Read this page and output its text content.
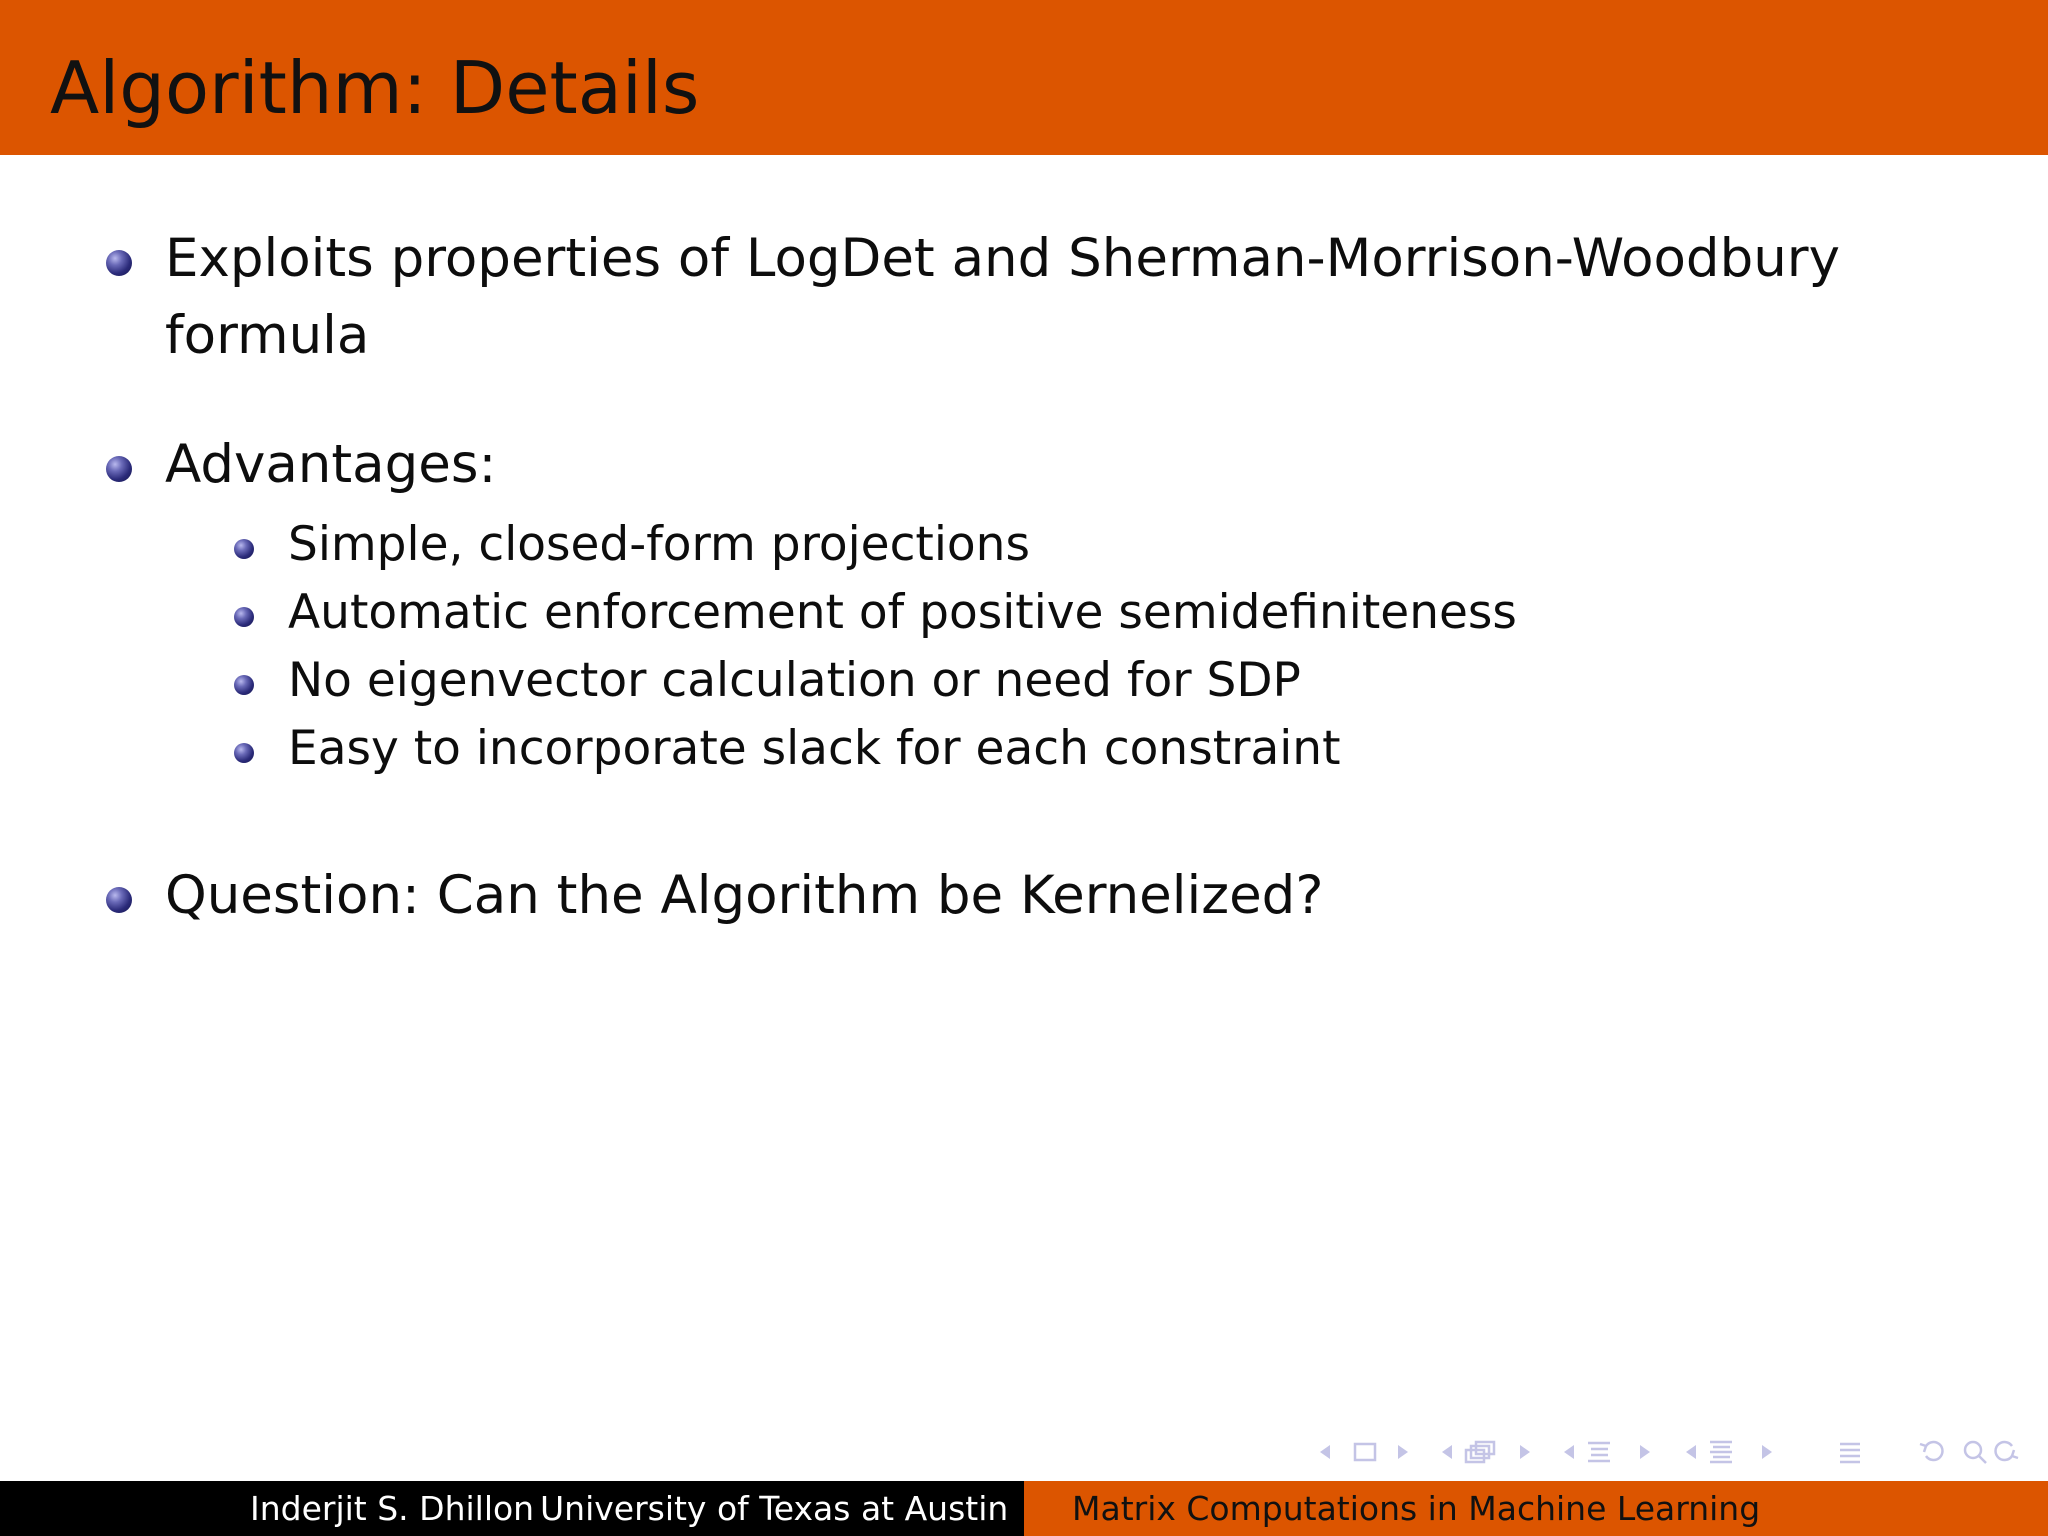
Algorithm: Details
Exploits properties of LogDet and Sherman-Morrison-Woodbury
formula
Advantages:
Simple, closed-form projections
Automatic enforcement of positive semidefiniteness
No eigenvector calculation or need for SDP
Easy to incorporate slack for each constraint
Question: Can the Algorithm be Kernelized?
Inderjit S. Dhillon University of Texas at Austin Matrix Computations in Machine Learning
